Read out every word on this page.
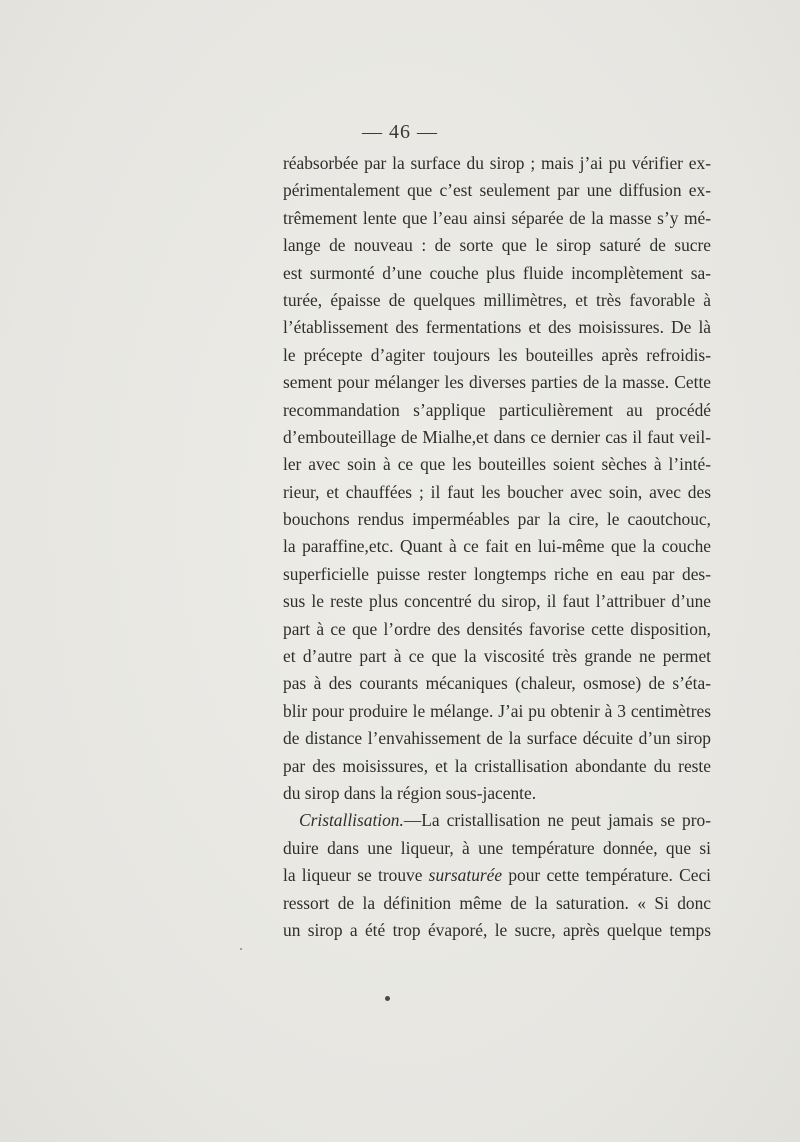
— 46 —
réabsorbée par la surface du sirop ; mais j’ai pu vérifier ex-
périmentalement que c’est seulement par une diffusion ex-
trêmement lente que l’eau ainsi séparée de la masse s’y mé-
lange de nouveau : de sorte que le sirop saturé de sucre
est surmonté d’une couche plus fluide incomplètement sa-
turée, épaisse de quelques millimètres, et très favorable à
l’établissement des fermentations et des moisissures. De là
le précepte d’agiter toujours les bouteilles après refroidis-
sement pour mélanger les diverses parties de la masse. Cette
recommandation s’applique particulièrement au procédé
d’embouteillage de Mialhe,et dans ce dernier cas il faut veil-
ler avec soin à ce que les bouteilles soient sèches à l’inté-
rieur, et chauffées ; il faut les boucher avec soin, avec des
bouchons rendus imperméables par la cire, le caoutchouc,
la paraffine,etc. Quant à ce fait en lui-même que la couche
superficielle puisse rester longtemps riche en eau par des-
sus le reste plus concentré du sirop, il faut l’attribuer d’une
part à ce que l’ordre des densités favorise cette disposition,
et d’autre part à ce que la viscosité très grande ne permet
pas à des courants mécaniques (chaleur, osmose) de s’éta-
blir pour produire le mélange. J’ai pu obtenir à 3 centimètres
de distance l’envahissement de la surface décuite d’un sirop
par des moisissures, et la cristallisation abondante du reste
du sirop dans la région sous-jacente.
Cristallisation.—La cristallisation ne peut jamais se pro-
duire dans une liqueur, à une température donnée, que si
la liqueur se trouve sursaturée pour cette température. Ceci
ressort de la définition même de la saturation. « Si donc
un sirop a été trop évaporé, le sucre, après quelque temps
